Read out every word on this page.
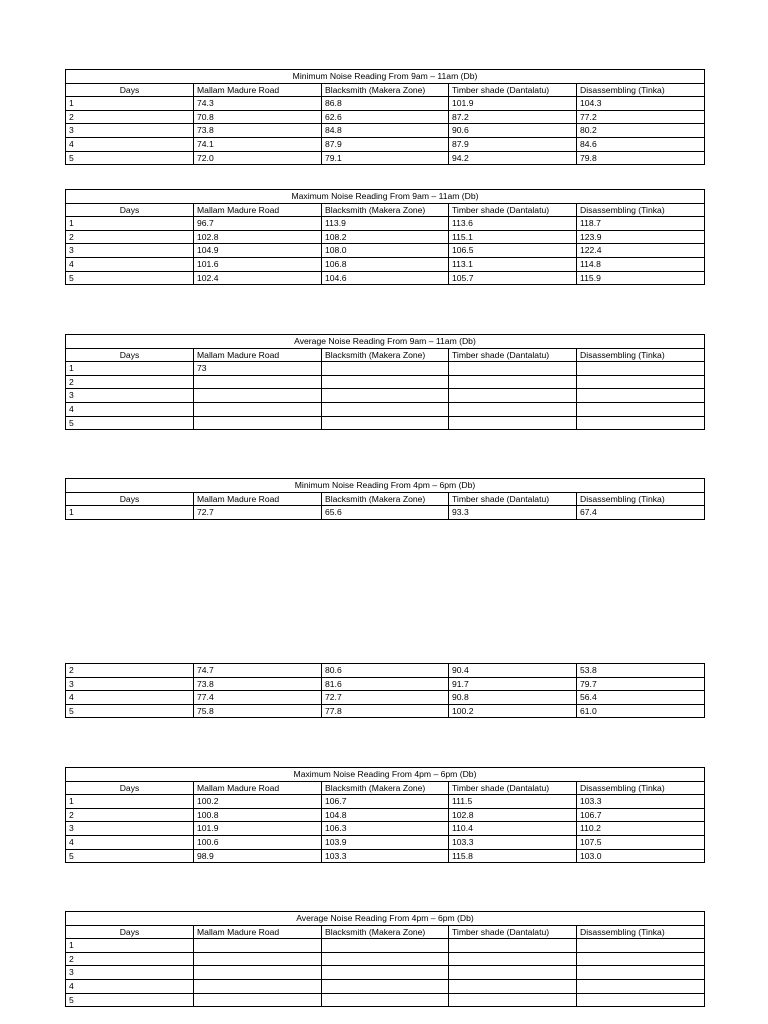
Minimum Noise Reading From 9am – 11am (Db)				
Days	Mallam Madure Road	Blacksmith (Makera Zone)	Timber shade (Dantalatu)	Disassembling (Tinka)
1	74.3	86.8	101.9	104.3
2	70.8	62.6	87.2	77.2
3	73.8	84.8	90.6	80.2
4	74.1	87.9	87.9	84.6
5	72.0	79.1	94.2	79.8
Maximum Noise Reading From 9am – 11am (Db)				
Days	Mallam Madure Road	Blacksmith (Makera Zone)	Timber shade (Dantalatu)	Disassembling (Tinka)
1	96.7	113.9	113.6	118.7
2	102.8	108.2	115.1	123.9
3	104.9	108.0	106.5	122.4
4	101.6	106.8	113.1	114.8
5	102.4	104.6	105.7	115.9
Average Noise Reading From 9am – 11am (Db)				
Days	Mallam Madure Road	Blacksmith (Makera Zone)	Timber shade (Dantalatu)	Disassembling (Tinka)
1	73			
2				
3				
4				
5				
Minimum Noise Reading From 4pm – 6pm (Db)				
Days	Mallam Madure Road	Blacksmith (Makera Zone)	Timber shade (Dantalatu)	Disassembling (Tinka)
1	72.7	65.6	93.3	67.4
2	74.7	80.6	90.4	53.8
3	73.8	81.6	91.7	79.7
4	77.4	72.7	90.8	56.4
5	75.8	77.8	100.2	61.0
Maximum Noise Reading From 4pm – 6pm (Db)				
Days	Mallam Madure Road	Blacksmith (Makera Zone)	Timber shade (Dantalatu)	Disassembling (Tinka)
1	100.2	106.7	111.5	103.3
2	100.8	104.8	102.8	106.7
3	101.9	106.3	110.4	110.2
4	100.6	103.9	103.3	107.5
5	98.9	103.3	115.8	103.0
Average Noise Reading From 4pm – 6pm (Db)				
Days	Mallam Madure Road	Blacksmith (Makera Zone)	Timber shade (Dantalatu)	Disassembling (Tinka)
1				
2				
3				
4				
5				
